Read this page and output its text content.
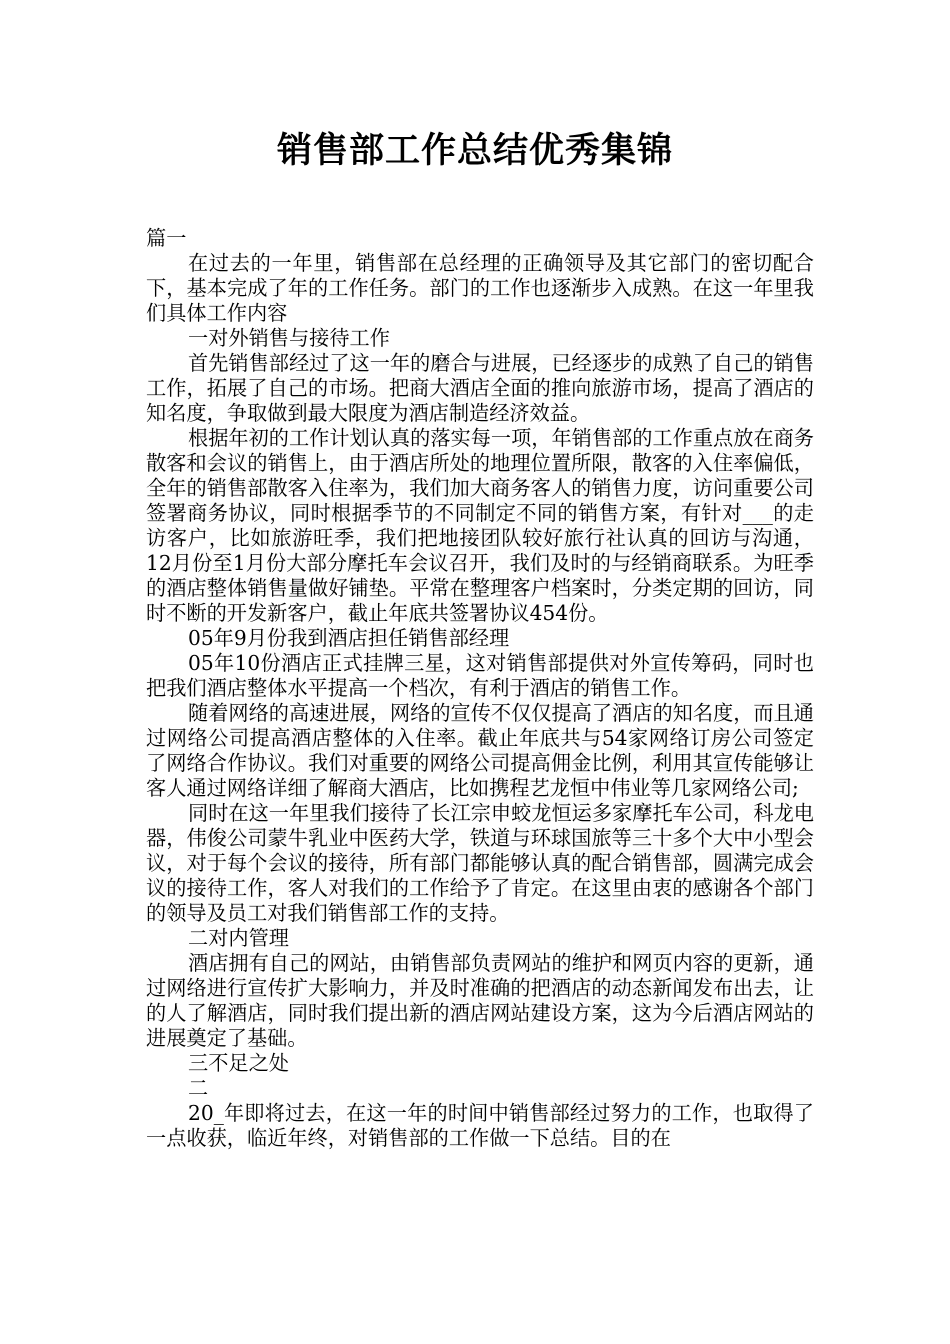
销售部工作总结优秀集锦

篇一

在过去的一年里，销售部在总经理的正确领导及其它部门的密切配合下，基本完成了年的工作任务。部门的工作也逐渐步入成熟。在这一年里我们具体工作内容

一对外销售与接待工作

首先销售部经过了这一年的磨合与进展，已经逐步的成熟了自己的销售工作，拓展了自己的市场。把商大酒店全面的推向旅游市场，提高了酒店的知名度，争取做到最大限度为酒店制造经济效益。

根据年初的工作计划认真的落实每一项，年销售部的工作重点放在商务散客和会议的销售上，由于酒店所处的地理位置所限，散客的入住率偏低，全年的销售部散客入住率为，我们加大商务客人的销售力度，访问重要公司签署商务协议，同时根据季节的不同制定不同的销售方案，有针对___的走访客户，比如旅游旺季，我们把地接团队较好旅行社认真的回访与沟通，12月份至1月份大部分摩托车会议召开，我们及时的与经销商联系。为旺季的酒店整体销售量做好铺垫。平常在整理客户档案时，分类定期的回访，同时不断的开发新客户，截止年底共签署协议454份。

05年9月份我到酒店担任销售部经理

05年10份酒店正式挂牌三星，这对销售部提供对外宣传筹码，同时也把我们酒店整体水平提高一个档次，有利于酒店的销售工作。

随着网络的高速进展，网络的宣传不仅仅提高了酒店的知名度，而且通过网络公司提高酒店整体的入住率。截止年底共与54家网络订房公司签定了网络合作协议。我们对重要的网络公司提高佣金比例，利用其宣传能够让客人通过网络详细了解商大酒店，比如携程艺龙恒中伟业等几家网络公司;

同时在这一年里我们接待了长江宗申蛟龙恒运多家摩托车公司，科龙电器，伟俊公司蒙牛乳业中医药大学，铁道与环球国旅等三十多个大中小型会议，对于每个会议的接待，所有部门都能够认真的配合销售部，圆满完成会议的接待工作，客人对我们的工作给予了肯定。在这里由衷的感谢各个部门的领导及员工对我们销售部工作的支持。

二对内管理

酒店拥有自己的网站，由销售部负责网站的维护和网页内容的更新，通过网络进行宣传扩大影响力，并及时准确的把酒店的动态新闻发布出去，让的人了解酒店，同时我们提出新的酒店网站建设方案，这为今后酒店网站的进展奠定了基础。

三不足之处

二

20_年即将过去，在这一年的时间中销售部经过努力的工作，也取得了一点收获，临近年终，对销售部的工作做一下总结。目的在
